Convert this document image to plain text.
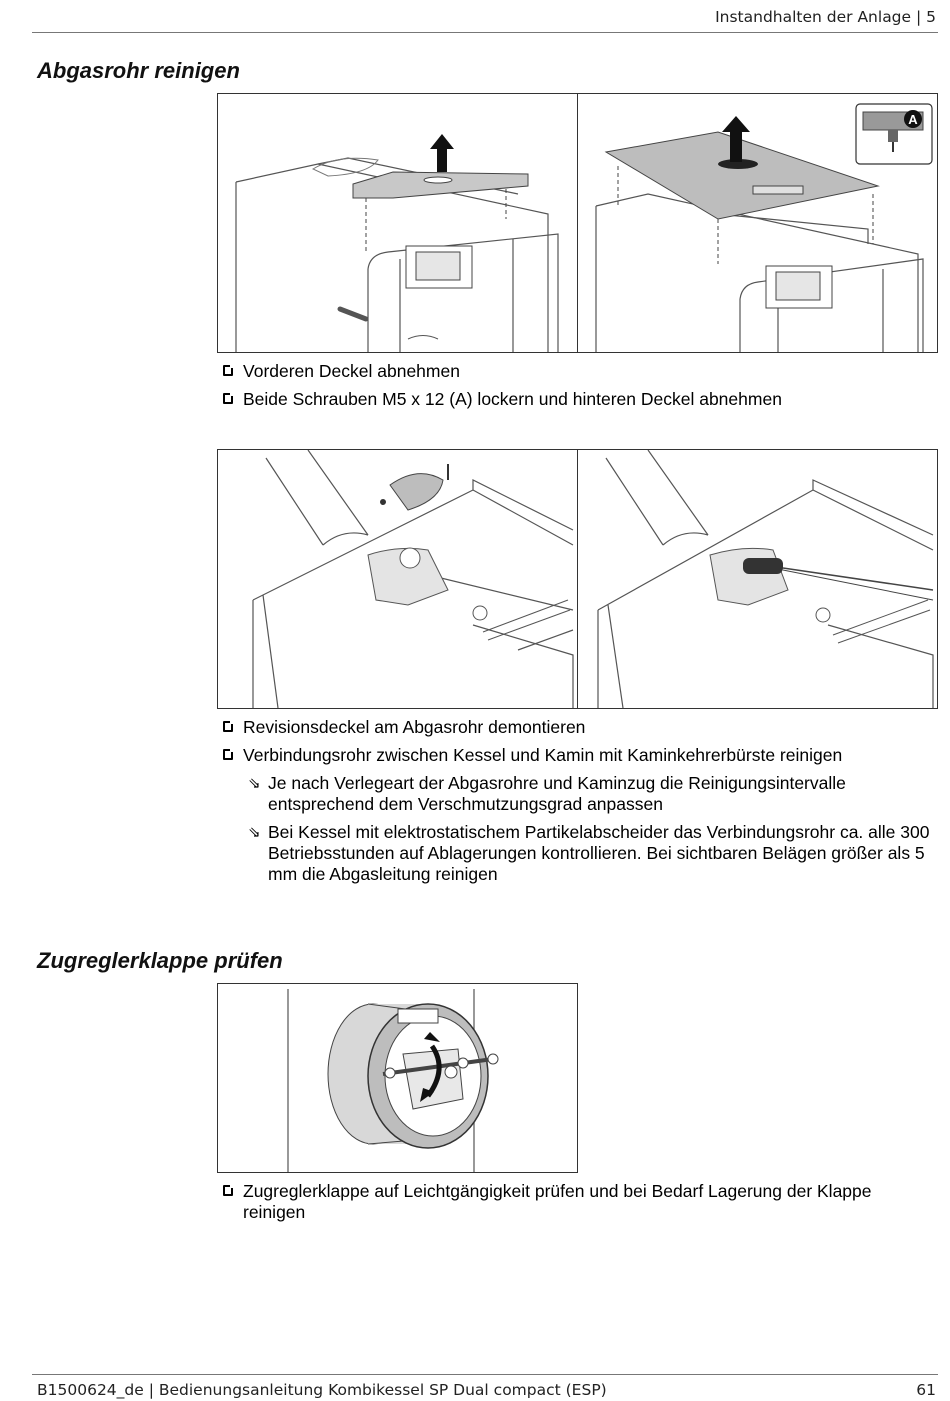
Instandhalten der Anlage | 5
Abgasrohr reinigen
A
Vorderen Deckel abnehmen
Beide Schrauben M5 x 12 (A) lockern und hinteren Deckel abnehmen
Revisionsdeckel am Abgasrohr demontieren
Verbindungsrohr zwischen Kessel und Kamin mit Kaminkehrerbürste reinigen
⇘ Je nach Verlegeart der Abgasrohre und Kaminzug die Reinigungsintervalle entsprechend dem Verschmutzungsgrad anpassen
⇘ Bei Kessel mit elektrostatischem Partikelabscheider das Verbindungsrohr ca. alle 300 Betriebsstunden auf Ablagerungen kontrollieren. Bei sichtbaren Belägen größer als 5 mm die Abgasleitung reinigen
Zugreglerklappe prüfen
Zugreglerklappe auf Leichtgängigkeit prüfen und bei Bedarf Lagerung der Klappe reinigen
B1500624_de | Bedienungsanleitung Kombikessel SP Dual compact (ESP)	61
